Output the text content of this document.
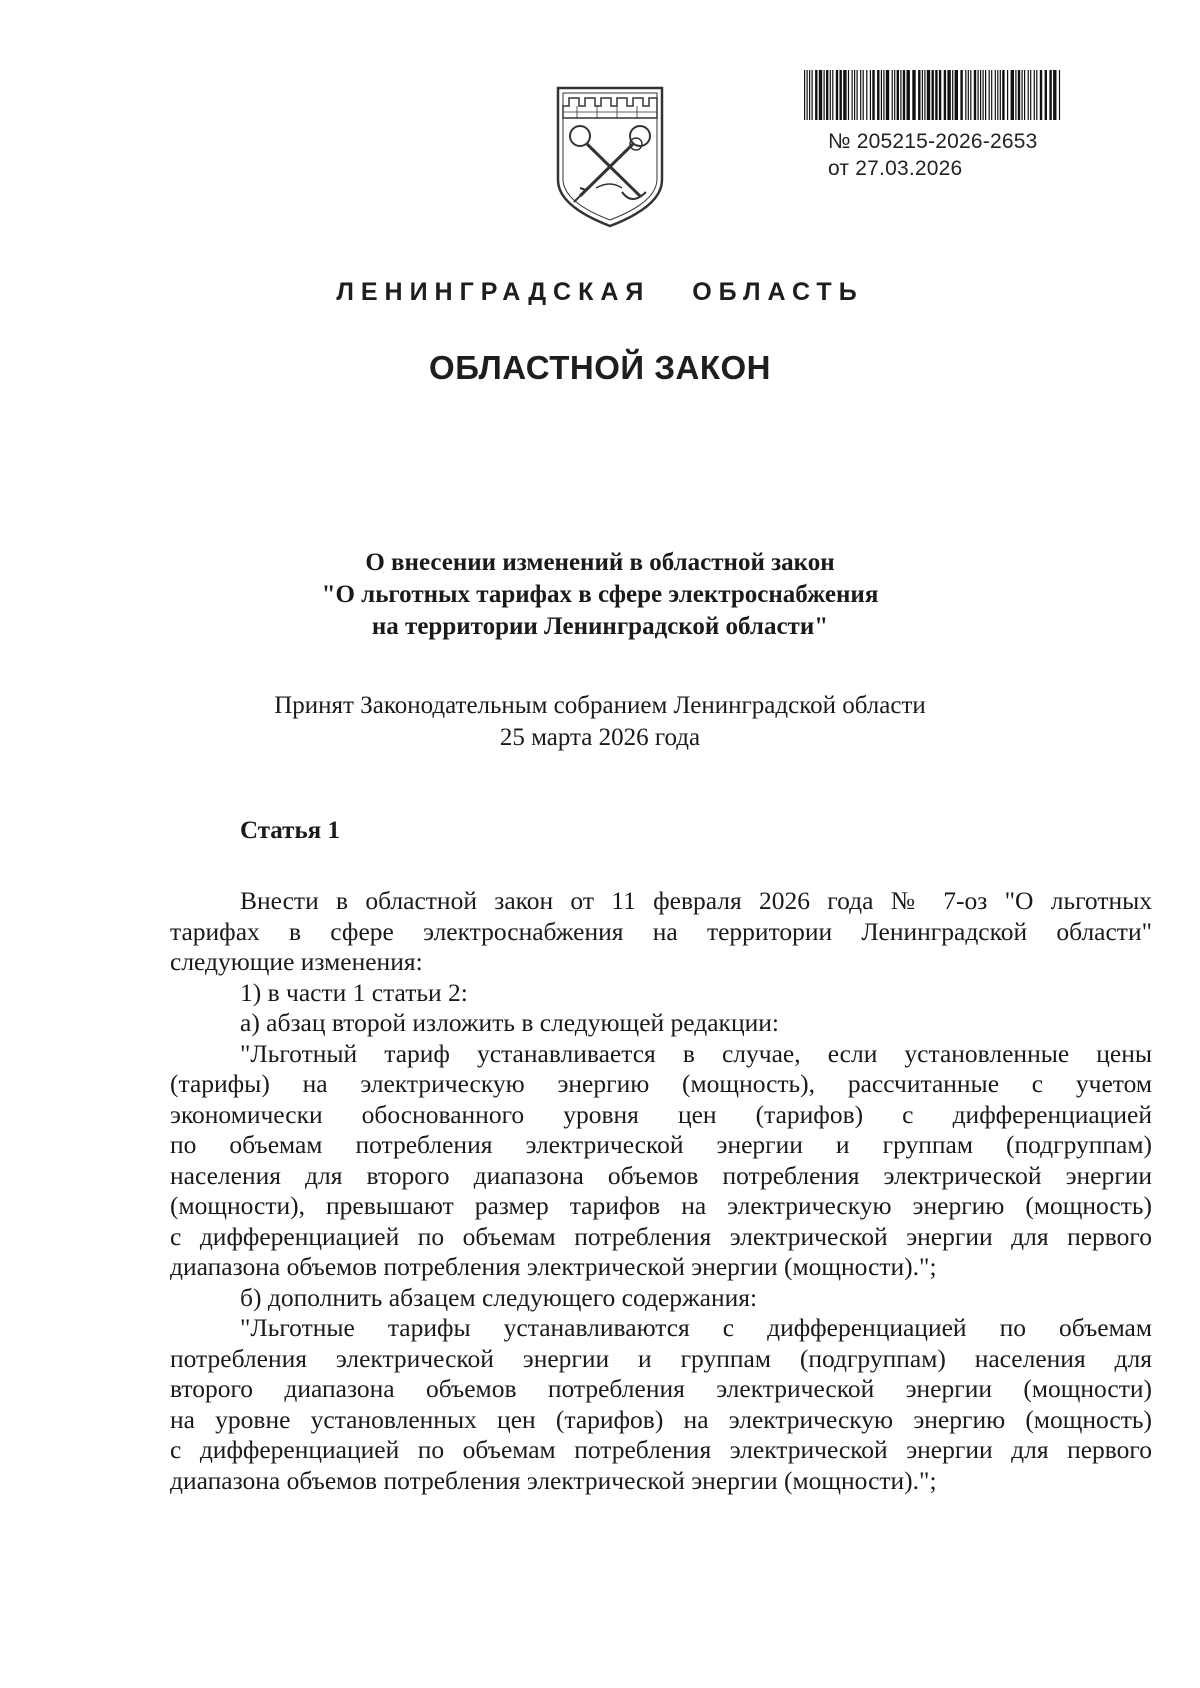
№ 205215-2026-2653
от 27.03.2026
ЛЕНИНГРАДСКАЯ   ОБЛАСТЬ
ОБЛАСТНОЙ ЗАКОН
О внесении изменений в областной закон
"О льготных тарифах в сфере электроснабжения
на территории Ленинградской области"
Принят Законодательным собранием Ленинградской области
25 марта 2026 года
Статья 1
Внести в областной закон от 11 февраля 2026 года № 7-оз "О льготных
тарифах в сфере электроснабжения на территории Ленинградской области"
следующие изменения:
1) в части 1 статьи 2:
а) абзац второй изложить в следующей редакции:
"Льготный тариф устанавливается в случае, если установленные цены
(тарифы) на электрическую энергию (мощность), рассчитанные с учетом
экономически обоснованного уровня цен (тарифов) с дифференциацией
по объемам потребления электрической энергии и группам (подгруппам)
населения для второго диапазона объемов потребления электрической энергии
(мощности), превышают размер тарифов на электрическую энергию (мощность)
с дифференциацией по объемам потребления электрической энергии для первого
диапазона объемов потребления электрической энергии (мощности).";
б) дополнить абзацем следующего содержания:
"Льготные тарифы устанавливаются с дифференциацией по объемам
потребления электрической энергии и группам (подгруппам) населения для
второго диапазона объемов потребления электрической энергии (мощности)
на уровне установленных цен (тарифов) на электрическую энергию (мощность)
с дифференциацией по объемам потребления электрической энергии для первого
диапазона объемов потребления электрической энергии (мощности).";
